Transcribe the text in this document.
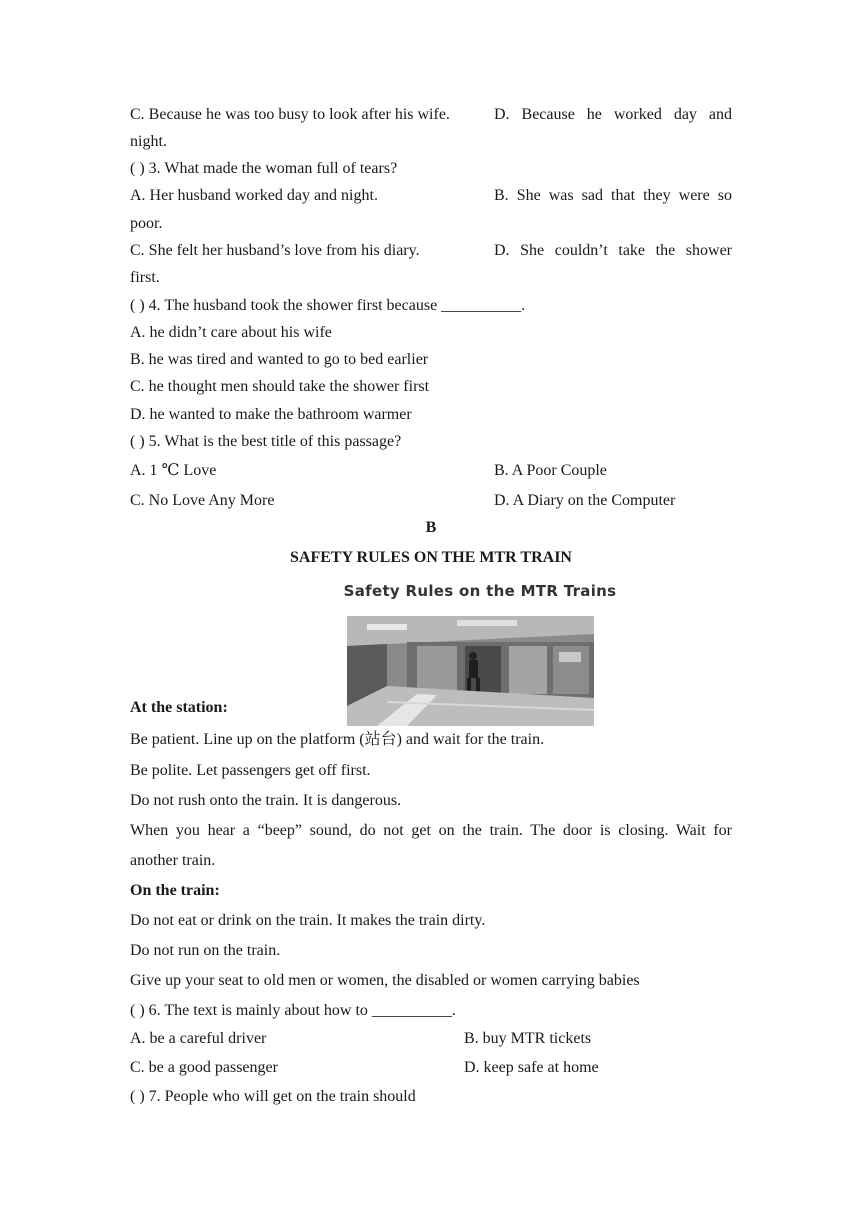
C. Because he was too busy to look after his wife.	D. Because he worked day and
night.
( ) 3. What made the woman full of tears?
A. Her husband worked day and night.	B. She was sad that they were so
poor.
C. She felt her husband’s love from his diary.	D. She couldn’t take the shower
first.
( ) 4. The husband took the shower first because __________.
A. he didn’t care about his wife
B. he was tired and wanted to go to bed earlier
C. he thought men should take the shower first
D. he wanted to make the bathroom warmer
( ) 5. What is the best title of this passage?
A. 1 ℃ Love	B. A Poor Couple
C. No Love Any More	D. A Diary on the Computer
B
SAFETY RULES ON THE MTR TRAIN
Safety Rules on the MTR Trains
At the station:
Be patient. Line up on the platform (站台) and wait for the train.
Be polite. Let passengers get off first.
Do not rush onto the train. It is dangerous.
When you hear a “beep” sound, do not get on the train. The door is closing. Wait for
another train.
On the train:
Do not eat or drink on the train. It makes the train dirty.
Do not run on the train.
Give up your seat to old men or women, the disabled or women carrying babies
( ) 6. The text is mainly about how to __________.
A. be a careful driver	B. buy MTR tickets
C. be a good passenger	D. keep safe at home
( ) 7. People who will get on the train should
